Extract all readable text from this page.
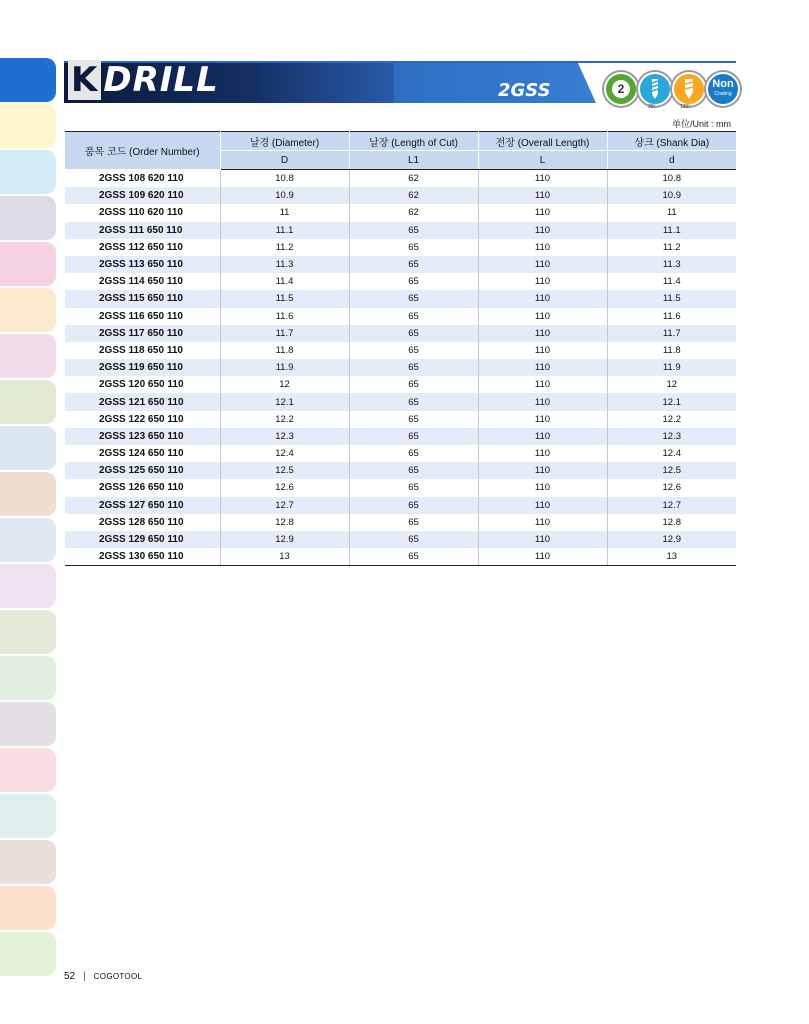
K DRILL	2GSS	2	Non
Coating
30°	120°
单位/Unit : mm
품목 코드 (Order Number)	날경 (Diameter)	날장 (Length of Cut)	전장 (Overall Length)	샹크 (Shank Dia)
	D	L1	L	d
2GSS 108 620 110	10.8	62	110	10.8
2GSS 109 620 110	10.9	62	110	10.9
2GSS 110 620 110	11	62	110	11
2GSS 111 650 110	11.1	65	110	11.1
2GSS 112 650 110	11.2	65	110	11.2
2GSS 113 650 110	11.3	65	110	11.3
2GSS 114 650 110	11.4	65	110	11.4
2GSS 115 650 110	11.5	65	110	11.5
2GSS 116 650 110	11.6	65	110	11.6
2GSS 117 650 110	11.7	65	110	11.7
2GSS 118 650 110	11.8	65	110	11.8
2GSS 119 650 110	11.9	65	110	11.9
2GSS 120 650 110	12	65	110	12
2GSS 121 650 110	12.1	65	110	12.1
2GSS 122 650 110	12.2	65	110	12.2
2GSS 123 650 110	12.3	65	110	12.3
2GSS 124 650 110	12.4	65	110	12.4
2GSS 125 650 110	12.5	65	110	12.5
2GSS 126 650 110	12.6	65	110	12.6
2GSS 127 650 110	12.7	65	110	12.7
2GSS 128 650 110	12.8	65	110	12.8
2GSS 129 650 110	12.9	65	110	12.9
2GSS 130 650 110	13	65	110	13
52 | COGOTOOL
